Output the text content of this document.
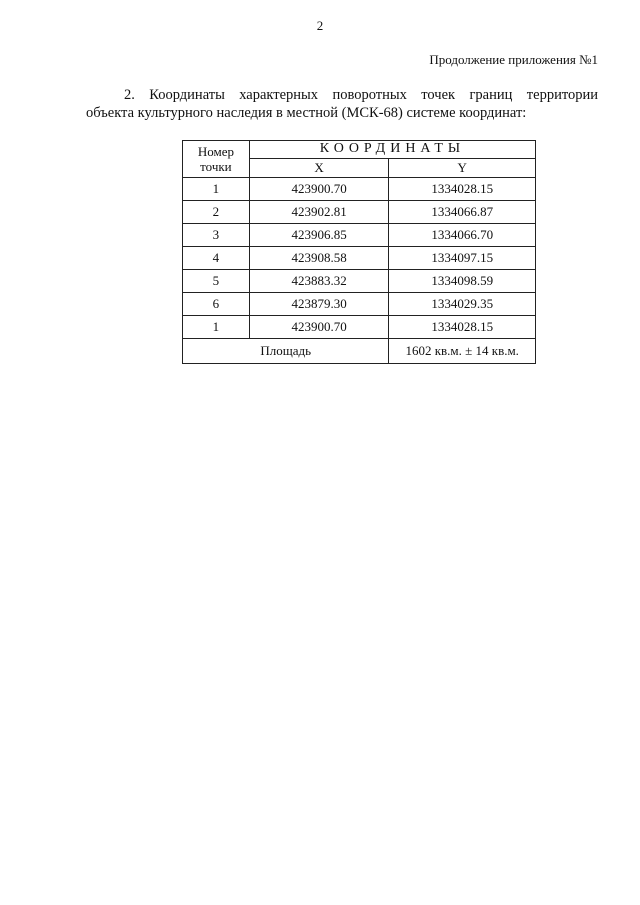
2
Продолжение приложения №1
2. Координаты характерных поворотных точек границ территории
объекта культурного наследия в местной (МСК-68) системе координат:
Номер
точки	КООРДИНАТЫ	
	X	Y
1	423900.70	1334028.15
2	423902.81	1334066.87
3	423906.85	1334066.70
4	423908.58	1334097.15
5	423883.32	1334098.59
6	423879.30	1334029.35
1	423900.70	1334028.15
Площадь		1602 кв.м. ± 14 кв.м.
